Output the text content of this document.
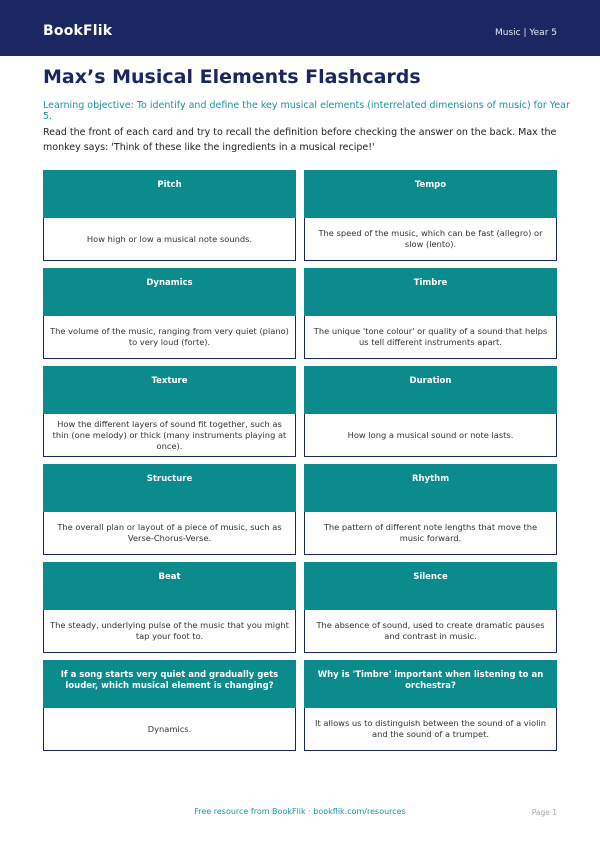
BookFlik	Music | Year 5
Max’s Musical Elements Flashcards
Learning objective: To identify and define the key musical elements (interrelated dimensions of music) for Year 5.
Read the front of each card and try to recall the definition before checking the answer on the back. Max the monkey says: 'Think of these like the ingredients in a musical recipe!'
Pitch
How high or low a musical note sounds.
Tempo
The speed of the music, which can be fast (allegro) or slow (lento).
Dynamics
The volume of the music, ranging from very quiet (piano) to very loud (forte).
Timbre
The unique 'tone colour' or quality of a sound that helps us tell different instruments apart.
Texture
How the different layers of sound fit together, such as thin (one melody) or thick (many instruments playing at once).
Duration
How long a musical sound or note lasts.
Structure
The overall plan or layout of a piece of music, such as Verse-Chorus-Verse.
Rhythm
The pattern of different note lengths that move the music forward.
Beat
The steady, underlying pulse of the music that you might tap your foot to.
Silence
The absence of sound, used to create dramatic pauses and contrast in music.
If a song starts very quiet and gradually gets louder, which musical element is changing?
Dynamics.
Why is 'Timbre' important when listening to an orchestra?
It allows us to distinguish between the sound of a violin and the sound of a trumpet.
Free resource from BookFlik · bookflik.com/resources	Page 1
